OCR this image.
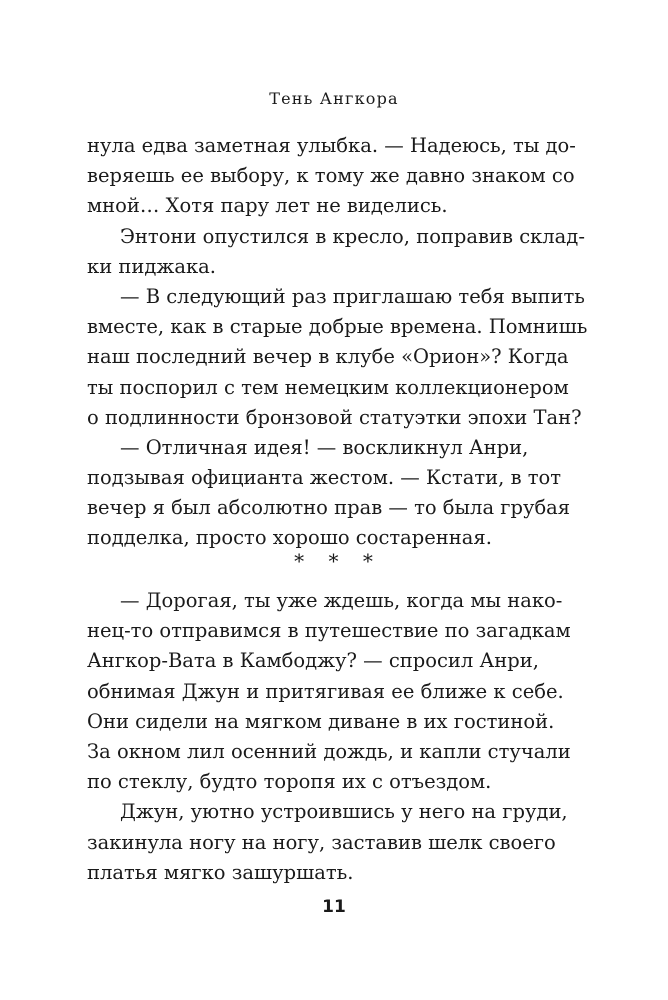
Тень Ангкора
нула едва заметная улыбка. — Надеюсь, ты до-
веряешь ее выбору, к тому же давно знаком со
мной… Хотя пару лет не виделись.
Энтони опустился в кресло, поправив склад-
ки пиджака.
— В следующий раз приглашаю тебя выпить
вместе, как в старые добрые времена. Помнишь
наш последний вечер в клубе «Орион»? Когда
ты поспорил с тем немецким коллекционером
о подлинности бронзовой статуэтки эпохи Тан?
— Отличная идея! — воскликнул Анри,
подзывая официанта жестом. — Кстати, в тот
вечер я был абсолютно прав — то была грубая
подделка, просто хорошо состаренная.
* * *
— Дорогая, ты уже ждешь, когда мы нако-
нец-то отправимся в путешествие по загадкам
Ангкор-Вата в Камбоджу? — спросил Анри,
обнимая Джун и притягивая ее ближе к себе.
Они сидели на мягком диване в их гостиной.
За окном лил осенний дождь, и капли стучали
по стеклу, будто торопя их с отъездом.
Джун, уютно устроившись у него на груди,
закинула ногу на ногу, заставив шелк своего
платья мягко зашуршать.
11
